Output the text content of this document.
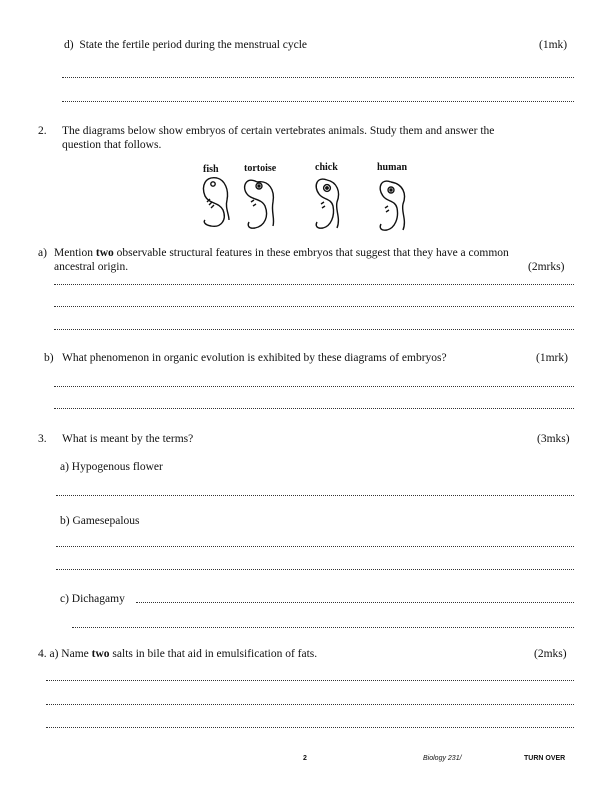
d) State the fertile period during the menstrual cycle	(1mk)
2. The diagrams below show embryos of certain vertebrates animals. Study them and answer the
question that follows.
fish	tortoise	chick	human
a) Mention two observable structural features in these embryos that suggest that they have a common
ancestral origin.	(2mrks)
b) What phenomenon in organic evolution is exhibited by these diagrams of embryos?	(1mrk)
3. What is meant by the terms?	(3mks)
a) Hypogenous flower
b) Gamesepalous
c) Dichagamy
4. a) Name two salts in bile that aid in emulsification of fats.	(2mks)
2	Biology 231/	TURN OVER
